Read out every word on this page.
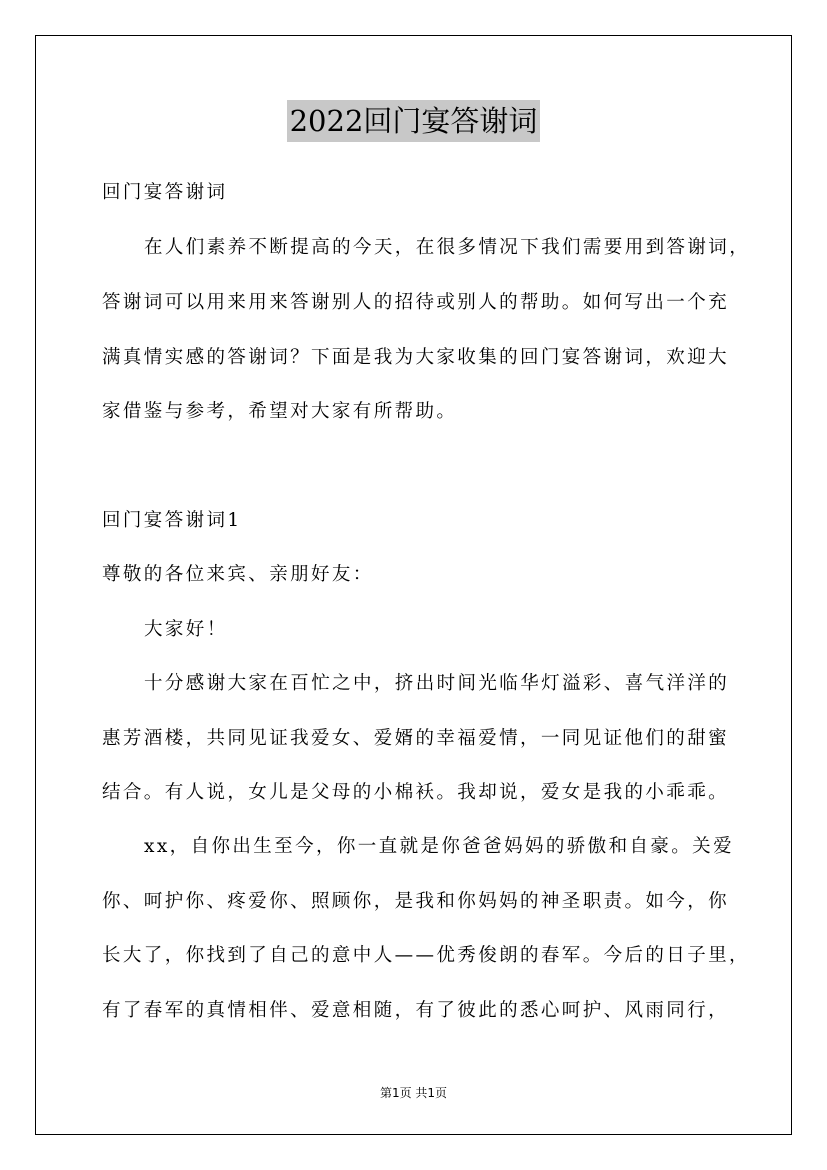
2022回门宴答谢词
回门宴答谢词
在人们素养不断提高的今天，在很多情况下我们需要用到答谢词，
答谢词可以用来用来答谢别人的招待或别人的帮助。如何写出一个充
满真情实感的答谢词？下面是我为大家收集的回门宴答谢词，欢迎大
家借鉴与参考，希望对大家有所帮助。
回门宴答谢词1
尊敬的各位来宾、亲朋好友：
大家好！
十分感谢大家在百忙之中，挤出时间光临华灯溢彩、喜气洋洋的
惠芳酒楼，共同见证我爱女、爱婿的幸福爱情，一同见证他们的甜蜜
结合。有人说，女儿是父母的小棉袄。我却说，爱女是我的小乖乖。
xx，自你出生至今，你一直就是你爸爸妈妈的骄傲和自豪。关爱
你、呵护你、疼爱你、照顾你，是我和你妈妈的神圣职责。如今，你
长大了，你找到了自己的意中人——优秀俊朗的春军。今后的日子里，
有了春军的真情相伴、爱意相随，有了彼此的悉心呵护、风雨同行，
第1页 共1页
